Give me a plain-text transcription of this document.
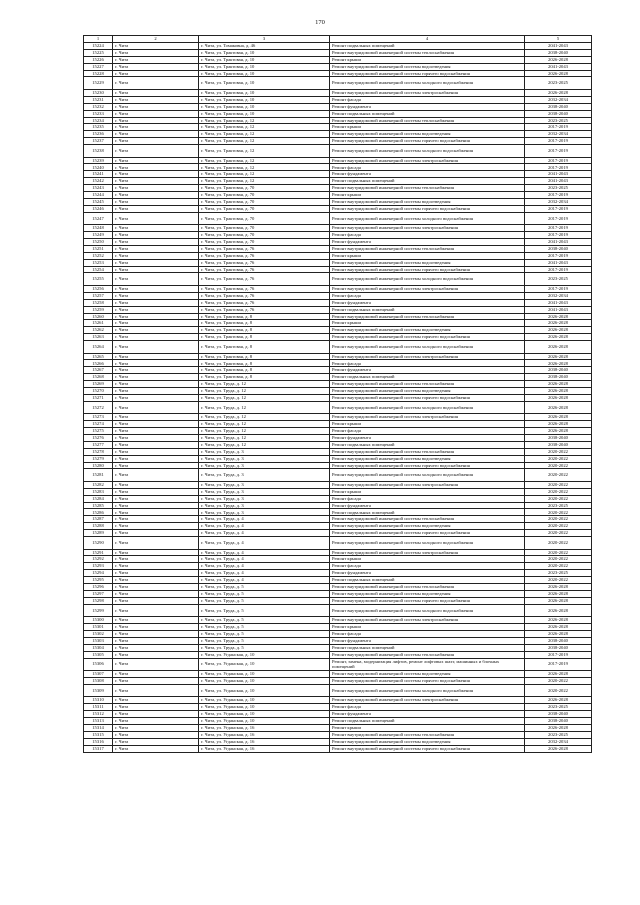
170
1	2	3	4	5
15224	г. Чита	г. Чита, ул. Томаковна, д. 46	Ремонт подвальных помещений	2041-2043
15225	г. Чита	г. Чита, ул. Трактовая, д. 10	Ремонт внутридомовой инженерной системы теплоснабжения	2038-2040
15226	г. Чита	г. Чита, ул. Трактовая, д. 10	Ремонт крыши	2026-2028
15227	г. Чита	г. Чита, ул. Трактовая, д. 10	Ремонт внутридомовой инженерной системы водоотведения	2041-2043
15228	г. Чита	г. Чита, ул. Трактовая, д. 10	Ремонт внутридомовой инженерной системы горячего водоснабжения	2026-2028
15229	г. Чита	г. Чита, ул. Трактовая, д. 10	Ремонт внутридомовой инженерной системы холодного водоснабжения	2023-2025
15230	г. Чита	г. Чита, ул. Трактовая, д. 10	Ремонт внутридомовой инженерной системы электроснабжения	2026-2028
15231	г. Чита	г. Чита, ул. Трактовая, д. 10	Ремонт фасада	2032-2034
15232	г. Чита	г. Чита, ул. Трактовая, д. 10	Ремонт фундамента	2038-2040
15233	г. Чита	г. Чита, ул. Трактовая, д. 10	Ремонт подвальных помещений	2038-2040
15234	г. Чита	г. Чита, ул. Трактовая, д. 12	Ремонт внутридомовой инженерной системы теплоснабжения	2023-2025
15235	г. Чита	г. Чита, ул. Трактовая, д. 12	Ремонт крыши	2017-2019
15236	г. Чита	г. Чита, ул. Трактовая, д. 12	Ремонт внутридомовой инженерной системы водоотведения	2032-2034
15237	г. Чита	г. Чита, ул. Трактовая, д. 12	Ремонт внутридомовой инженерной системы горячего водоснабжения	2017-2019
15238	г. Чита	г. Чита, ул. Трактовая, д. 12	Ремонт внутридомовой инженерной системы холодного водоснабжения	2017-2019
15239	г. Чита	г. Чита, ул. Трактовая, д. 12	Ремонт внутридомовой инженерной системы электроснабжения	2017-2019
15240	г. Чита	г. Чита, ул. Трактовая, д. 12	Ремонт фасада	2017-2019
15241	г. Чита	г. Чита, ул. Трактовая, д. 12	Ремонт фундамента	2041-2043
15242	г. Чита	г. Чита, ул. Трактовая, д. 12	Ремонт подвальных помещений	2041-2043
15243	г. Чита	г. Чита, ул. Трактовая, д. 70	Ремонт внутридомовой инженерной системы теплоснабжения	2023-2025
15244	г. Чита	г. Чита, ул. Трактовая, д. 70	Ремонт крыши	2017-2019
15245	г. Чита	г. Чита, ул. Трактовая, д. 70	Ремонт внутридомовой инженерной системы водоотведения	2032-2034
15246	г. Чита	г. Чита, ул. Трактовая, д. 70	Ремонт внутридомовой инженерной системы горячего водоснабжения	2017-2019
15247	г. Чита	г. Чита, ул. Трактовая, д. 70	Ремонт внутридомовой инженерной системы холодного водоснабжения	2017-2019
15248	г. Чита	г. Чита, ул. Трактовая, д. 70	Ремонт внутридомовой инженерной системы электроснабжения	2017-2019
15249	г. Чита	г. Чита, ул. Трактовая, д. 70	Ремонт фасада	2017-2019
15250	г. Чита	г. Чита, ул. Трактовая, д. 70	Ремонт фундамента	2041-2043
15251	г. Чита	г. Чита, ул. Трактовая, д. 76	Ремонт внутридомовой инженерной системы теплоснабжения	2038-2040
15252	г. Чита	г. Чита, ул. Трактовая, д. 76	Ремонт крыши	2017-2019
15253	г. Чита	г. Чита, ул. Трактовая, д. 76	Ремонт внутридомовой инженерной системы водоотведения	2041-2043
15254	г. Чита	г. Чита, ул. Трактовая, д. 76	Ремонт внутридомовой инженерной системы горячего водоснабжения	2017-2019
15255	г. Чита	г. Чита, ул. Трактовая, д. 76	Ремонт внутридомовой инженерной системы холодного водоснабжения	2023-2025
15256	г. Чита	г. Чита, ул. Трактовая, д. 76	Ремонт внутридомовой инженерной системы электроснабжения	2017-2019
15257	г. Чита	г. Чита, ул. Трактовая, д. 76	Ремонт фасада	2032-2034
15258	г. Чита	г. Чита, ул. Трактовая, д. 76	Ремонт фундамента	2041-2043
15259	г. Чита	г. Чита, ул. Трактовая, д. 76	Ремонт подвальных помещений	2041-2043
15260	г. Чита	г. Чита, ул. Трактовая, д. 8	Ремонт внутридомовой инженерной системы теплоснабжения	2026-2028
15261	г. Чита	г. Чита, ул. Трактовая, д. 8	Ремонт крыши	2026-2028
15262	г. Чита	г. Чита, ул. Трактовая, д. 8	Ремонт внутридомовой инженерной системы водоотведения	2026-2028
15263	г. Чита	г. Чита, ул. Трактовая, д. 8	Ремонт внутридомовой инженерной системы горячего водоснабжения	2026-2028
15264	г. Чита	г. Чита, ул. Трактовая, д. 8	Ремонт внутридомовой инженерной системы холодного водоснабжения	2026-2028
15265	г. Чита	г. Чита, ул. Трактовая, д. 8	Ремонт внутридомовой инженерной системы электроснабжения	2026-2028
15266	г. Чита	г. Чита, ул. Трактовая, д. 8	Ремонт фасада	2026-2028
15267	г. Чита	г. Чита, ул. Трактовая, д. 8	Ремонт фундамента	2038-2040
15268	г. Чита	г. Чита, ул. Трактовая, д. 8	Ремонт подвальных помещений	2038-2040
15269	г. Чита	г. Чита, ул. Труда, д. 12	Ремонт внутридомовой инженерной системы теплоснабжения	2026-2028
15270	г. Чита	г. Чита, ул. Труда, д. 12	Ремонт внутридомовой инженерной системы водоотведения	2026-2028
15271	г. Чита	г. Чита, ул. Труда, д. 12	Ремонт внутридомовой инженерной системы горячего водоснабжения	2026-2028
15272	г. Чита	г. Чита, ул. Труда, д. 12	Ремонт внутридомовой инженерной системы холодного водоснабжения	2026-2028
15273	г. Чита	г. Чита, ул. Труда, д. 12	Ремонт внутридомовой инженерной системы электроснабжения	2026-2028
15274	г. Чита	г. Чита, ул. Труда, д. 12	Ремонт крыши	2026-2028
15275	г. Чита	г. Чита, ул. Труда, д. 12	Ремонт фасада	2026-2028
15276	г. Чита	г. Чита, ул. Труда, д. 12	Ремонт фундамента	2038-2040
15277	г. Чита	г. Чита, ул. Труда, д. 12	Ремонт подвальных помещений	2038-2040
15278	г. Чита	г. Чита, ул. Труда, д. 3	Ремонт внутридомовой инженерной системы теплоснабжения	2020-2022
15279	г. Чита	г. Чита, ул. Труда, д. 3	Ремонт внутридомовой инженерной системы водоотведения	2020-2022
15280	г. Чита	г. Чита, ул. Труда, д. 3	Ремонт внутридомовой инженерной системы горячего водоснабжения	2020-2022
15281	г. Чита	г. Чита, ул. Труда, д. 3	Ремонт внутридомовой инженерной системы холодного водоснабжения	2020-2022
15282	г. Чита	г. Чита, ул. Труда, д. 3	Ремонт внутридомовой инженерной системы электроснабжения	2020-2022
15283	г. Чита	г. Чита, ул. Труда, д. 3	Ремонт крыши	2020-2022
15284	г. Чита	г. Чита, ул. Труда, д. 3	Ремонт фасада	2020-2022
15285	г. Чита	г. Чита, ул. Труда, д. 3	Ремонт фундамента	2023-2025
15286	г. Чита	г. Чита, ул. Труда, д. 3	Ремонт подвальных помещений	2020-2022
15287	г. Чита	г. Чита, ул. Труда, д. 4	Ремонт внутридомовой инженерной системы теплоснабжения	2020-2022
15288	г. Чита	г. Чита, ул. Труда, д. 4	Ремонт внутридомовой инженерной системы водоотведения	2020-2022
15289	г. Чита	г. Чита, ул. Труда, д. 4	Ремонт внутридомовой инженерной системы горячего водоснабжения	2020-2022
15290	г. Чита	г. Чита, ул. Труда, д. 4	Ремонт внутридомовой инженерной системы холодного водоснабжения	2020-2022
15291	г. Чита	г. Чита, ул. Труда, д. 4	Ремонт внутридомовой инженерной системы электроснабжения	2020-2022
15292	г. Чита	г. Чита, ул. Труда, д. 4	Ремонт крыши	2020-2022
15293	г. Чита	г. Чита, ул. Труда, д. 4	Ремонт фасада	2020-2022
15294	г. Чита	г. Чита, ул. Труда, д. 4	Ремонт фундамента	2023-2025
15295	г. Чита	г. Чита, ул. Труда, д. 4	Ремонт подвальных помещений	2020-2022
15296	г. Чита	г. Чита, ул. Труда, д. 5	Ремонт внутридомовой инженерной системы теплоснабжения	2026-2028
15297	г. Чита	г. Чита, ул. Труда, д. 5	Ремонт внутридомовой инженерной системы водоотведения	2026-2028
15298	г. Чита	г. Чита, ул. Труда, д. 5	Ремонт внутридомовой инженерной системы горячего водоснабжения	2026-2028
15299	г. Чита	г. Чита, ул. Труда, д. 5	Ремонт внутридомовой инженерной системы холодного водоснабжения	2026-2028
15300	г. Чита	г. Чита, ул. Труда, д. 5	Ремонт внутридомовой инженерной системы электроснабжения	2026-2028
15301	г. Чита	г. Чита, ул. Труда, д. 5	Ремонт крыши	2026-2028
15302	г. Чита	г. Чита, ул. Труда, д. 5	Ремонт фасада	2026-2028
15303	г. Чита	г. Чита, ул. Труда, д. 5	Ремонт фундамента	2038-2040
15304	г. Чита	г. Чита, ул. Труда, д. 5	Ремонт подвальных помещений	2038-2040
15305	г. Чита	г. Чита, ул. Угданская, д. 10	Ремонт внутридомовой инженерной системы теплоснабжения	2017-2019
15306	г. Чита	г. Чита, ул. Угданская, д. 10	Ремонт, замена, модернизация лифтов, ремонт лифтовых шахт, машинных и блочных помещений	2017-2019
15307	г. Чита	г. Чита, ул. Угданская, д. 10	Ремонт внутридомовой инженерной системы водоотведения	2026-2028
15308	г. Чита	г. Чита, ул. Угданская, д. 10	Ремонт внутридомовой инженерной системы горячего водоснабжения	2020-2022
15309	г. Чита	г. Чита, ул. Угданская, д. 10	Ремонт внутридомовой инженерной системы холодного водоснабжения	2020-2022
15310	г. Чита	г. Чита, ул. Угданская, д. 10	Ремонт внутридомовой инженерной системы электроснабжения	2026-2028
15311	г. Чита	г. Чита, ул. Угданская, д. 10	Ремонт фасада	2023-2025
15312	г. Чита	г. Чита, ул. Угданская, д. 10	Ремонт фундамента	2038-2040
15313	г. Чита	г. Чита, ул. Угданская, д. 10	Ремонт подвальных помещений	2038-2040
15314	г. Чита	г. Чита, ул. Угданская, д. 16	Ремонт крыши	2026-2028
15315	г. Чита	г. Чита, ул. Угданская, д. 16	Ремонт внутридомовой инженерной системы теплоснабжения	2023-2025
15316	г. Чита	г. Чита, ул. Угданская, д. 16	Ремонт внутридомовой инженерной системы водоотведения	2032-2034
15317	г. Чита	г. Чита, ул. Угданская, д. 16	Ремонт внутридомовой инженерной системы горячего водоснабжения	2026-2028
